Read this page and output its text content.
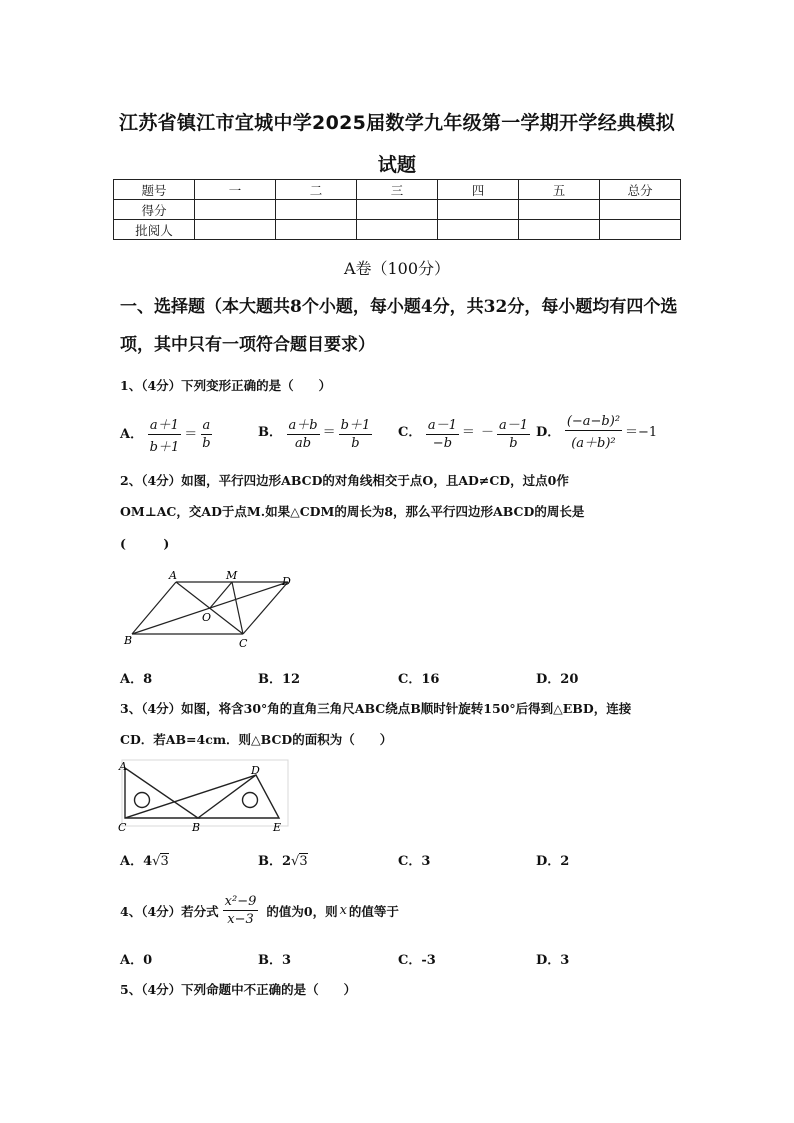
江苏省镇江市宜城中学2025届数学九年级第一学期开学经典模拟
试题
题号	一	二	三	四	五	总分
得分						
批阅人						
A卷（100分）
一、选择题（本大题共8个小题，每小题4分，共32分，每小题均有四个选项，其中只有一项符合题目要求）
1、（4分）下列变形正确的是（　　）
A． $\frac{a+1}{b+1} = \frac{a}{b}$	B． $\frac{a+b}{ab} = \frac{b+1}{b}$ C． $\frac{a-1}{-b}$ ＝ － $\frac{a-1}{b}$ D． $\frac{\text{(−a−b)²}}{\text{(a＋b)²}} =-1$
2、（4分）如图，平行四边形ABCD的对角线相交于点O，且AD≠CD，过点0作
OM⊥AC，交AD于点M.如果△CDM的周长为8，那么平行四边形ABCD的周长是
(　　　)
A	M	D
O
B	C
A．8	B．12	C．16	D．20
3、（4分）如图，将含30°角的直角三角尺ABC绕点B顺时针旋转150°后得到△EBD，连接
CD．若AB=4cm．则△BCD的面积为（　　）
A	D
C	B	E
A．4√3	B．2√3	C．3	D．2
4、（4分）若分式 $\frac{\text{x²−9}}{x-3}$ 的值为0，则 x 的值等于
A．0	B．3	C．-3	D．3
5、（4分）下列命题中不正确的是（　　）
